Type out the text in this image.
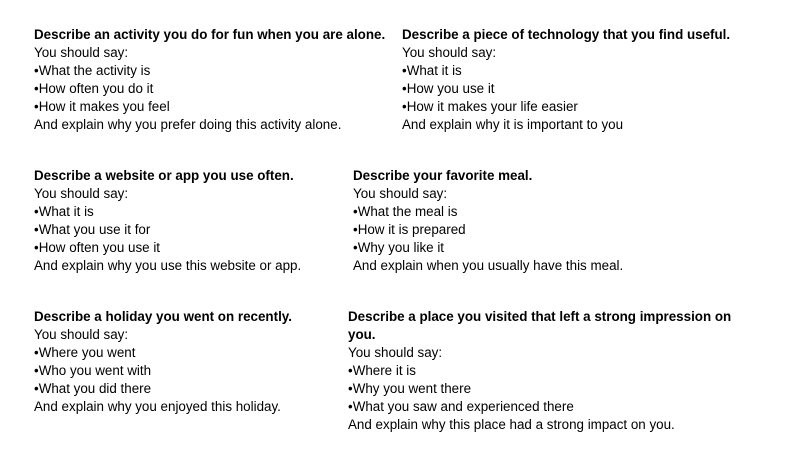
Describe an activity you do for fun when you are alone.
You should say:
•What the activity is
•How often you do it
•How it makes you feel
And explain why you prefer doing this activity alone.
Describe a piece of technology that you find useful.
You should say:
•What it is
•How you use it
•How it makes your life easier
And explain why it is important to you
Describe a website or app you use often.
You should say:
•What it is
•What you use it for
•How often you use it
And explain why you use this website or app.
Describe your favorite meal.
You should say:
•What the meal is
•How it is prepared
•Why you like it
And explain when you usually have this meal.
Describe a holiday you went on recently.
You should say:
•Where you went
•Who you went with
•What you did there
And explain why you enjoyed this holiday.
Describe a place you visited that left a strong impression on you.
You should say:
•Where it is
•Why you went there
•What you saw and experienced there
And explain why this place had a strong impact on you.
